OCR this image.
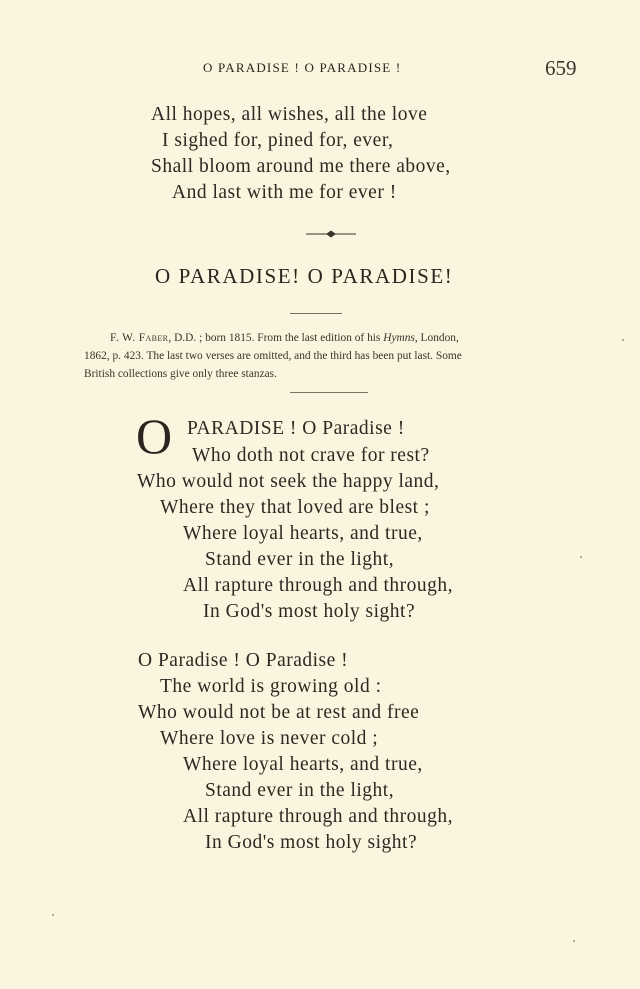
O PARADISE ! O PARADISE !	659
All hopes, all wishes, all the love
I sighed for, pined for, ever,
Shall bloom around me there above,
And last with me for ever !
O PARADISE! O PARADISE!
F. W. Faber, D.D. ; born 1815. From the last edition of his Hymns, London,
1862, p. 423. The last two verses are omitted, and the third has been put last. Some
British collections give only three stanzas.
O PARADISE ! O Paradise !
Who doth not crave for rest?
Who would not seek the happy land,
Where they that loved are blest ;
Where loyal hearts, and true,
Stand ever in the light,
All rapture through and through,
In God's most holy sight?
O Paradise ! O Paradise !
The world is growing old :
Who would not be at rest and free
Where love is never cold ;
Where loyal hearts, and true,
Stand ever in the light,
All rapture through and through,
In God's most holy sight?
